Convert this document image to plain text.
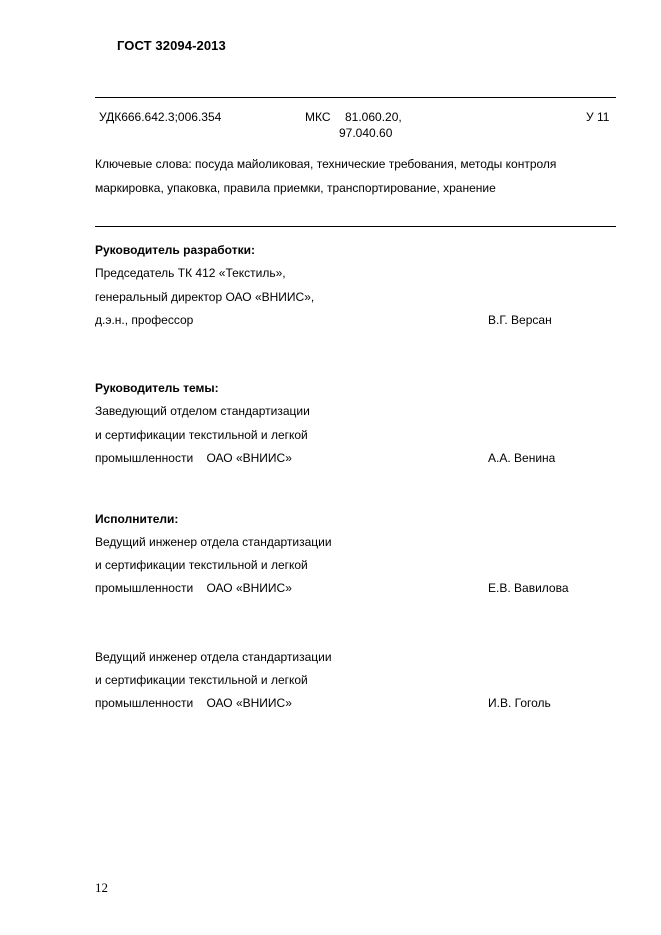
ГОСТ 32094-2013
УДК666.642.3;006.354	МКС 81.060.20,
97.040.60
У 11
Ключевые слова: посуда майоликовая, технические требования, методы контроля
маркировка, упаковка, правила приемки, транспортирование, хранение
Руководитель разработки:
Председатель ТК 412 «Текстиль»,
генеральный директор ОАО «ВНИИС»,
д.э.н., профессор	В.Г. Версан
Руководитель темы:
Заведующий отделом стандартизации
и сертификации текстильной и легкой
промышленности    ОАО «ВНИИС»	А.А. Венина
Исполнители:
Ведущий инженер отдела стандартизации
и сертификации текстильной и легкой
промышленности    ОАО «ВНИИС»	Е.В. Вавилова
Ведущий инженер отдела стандартизации
и сертификации текстильной и легкой
промышленности    ОАО «ВНИИС»	И.В. Гоголь
12
